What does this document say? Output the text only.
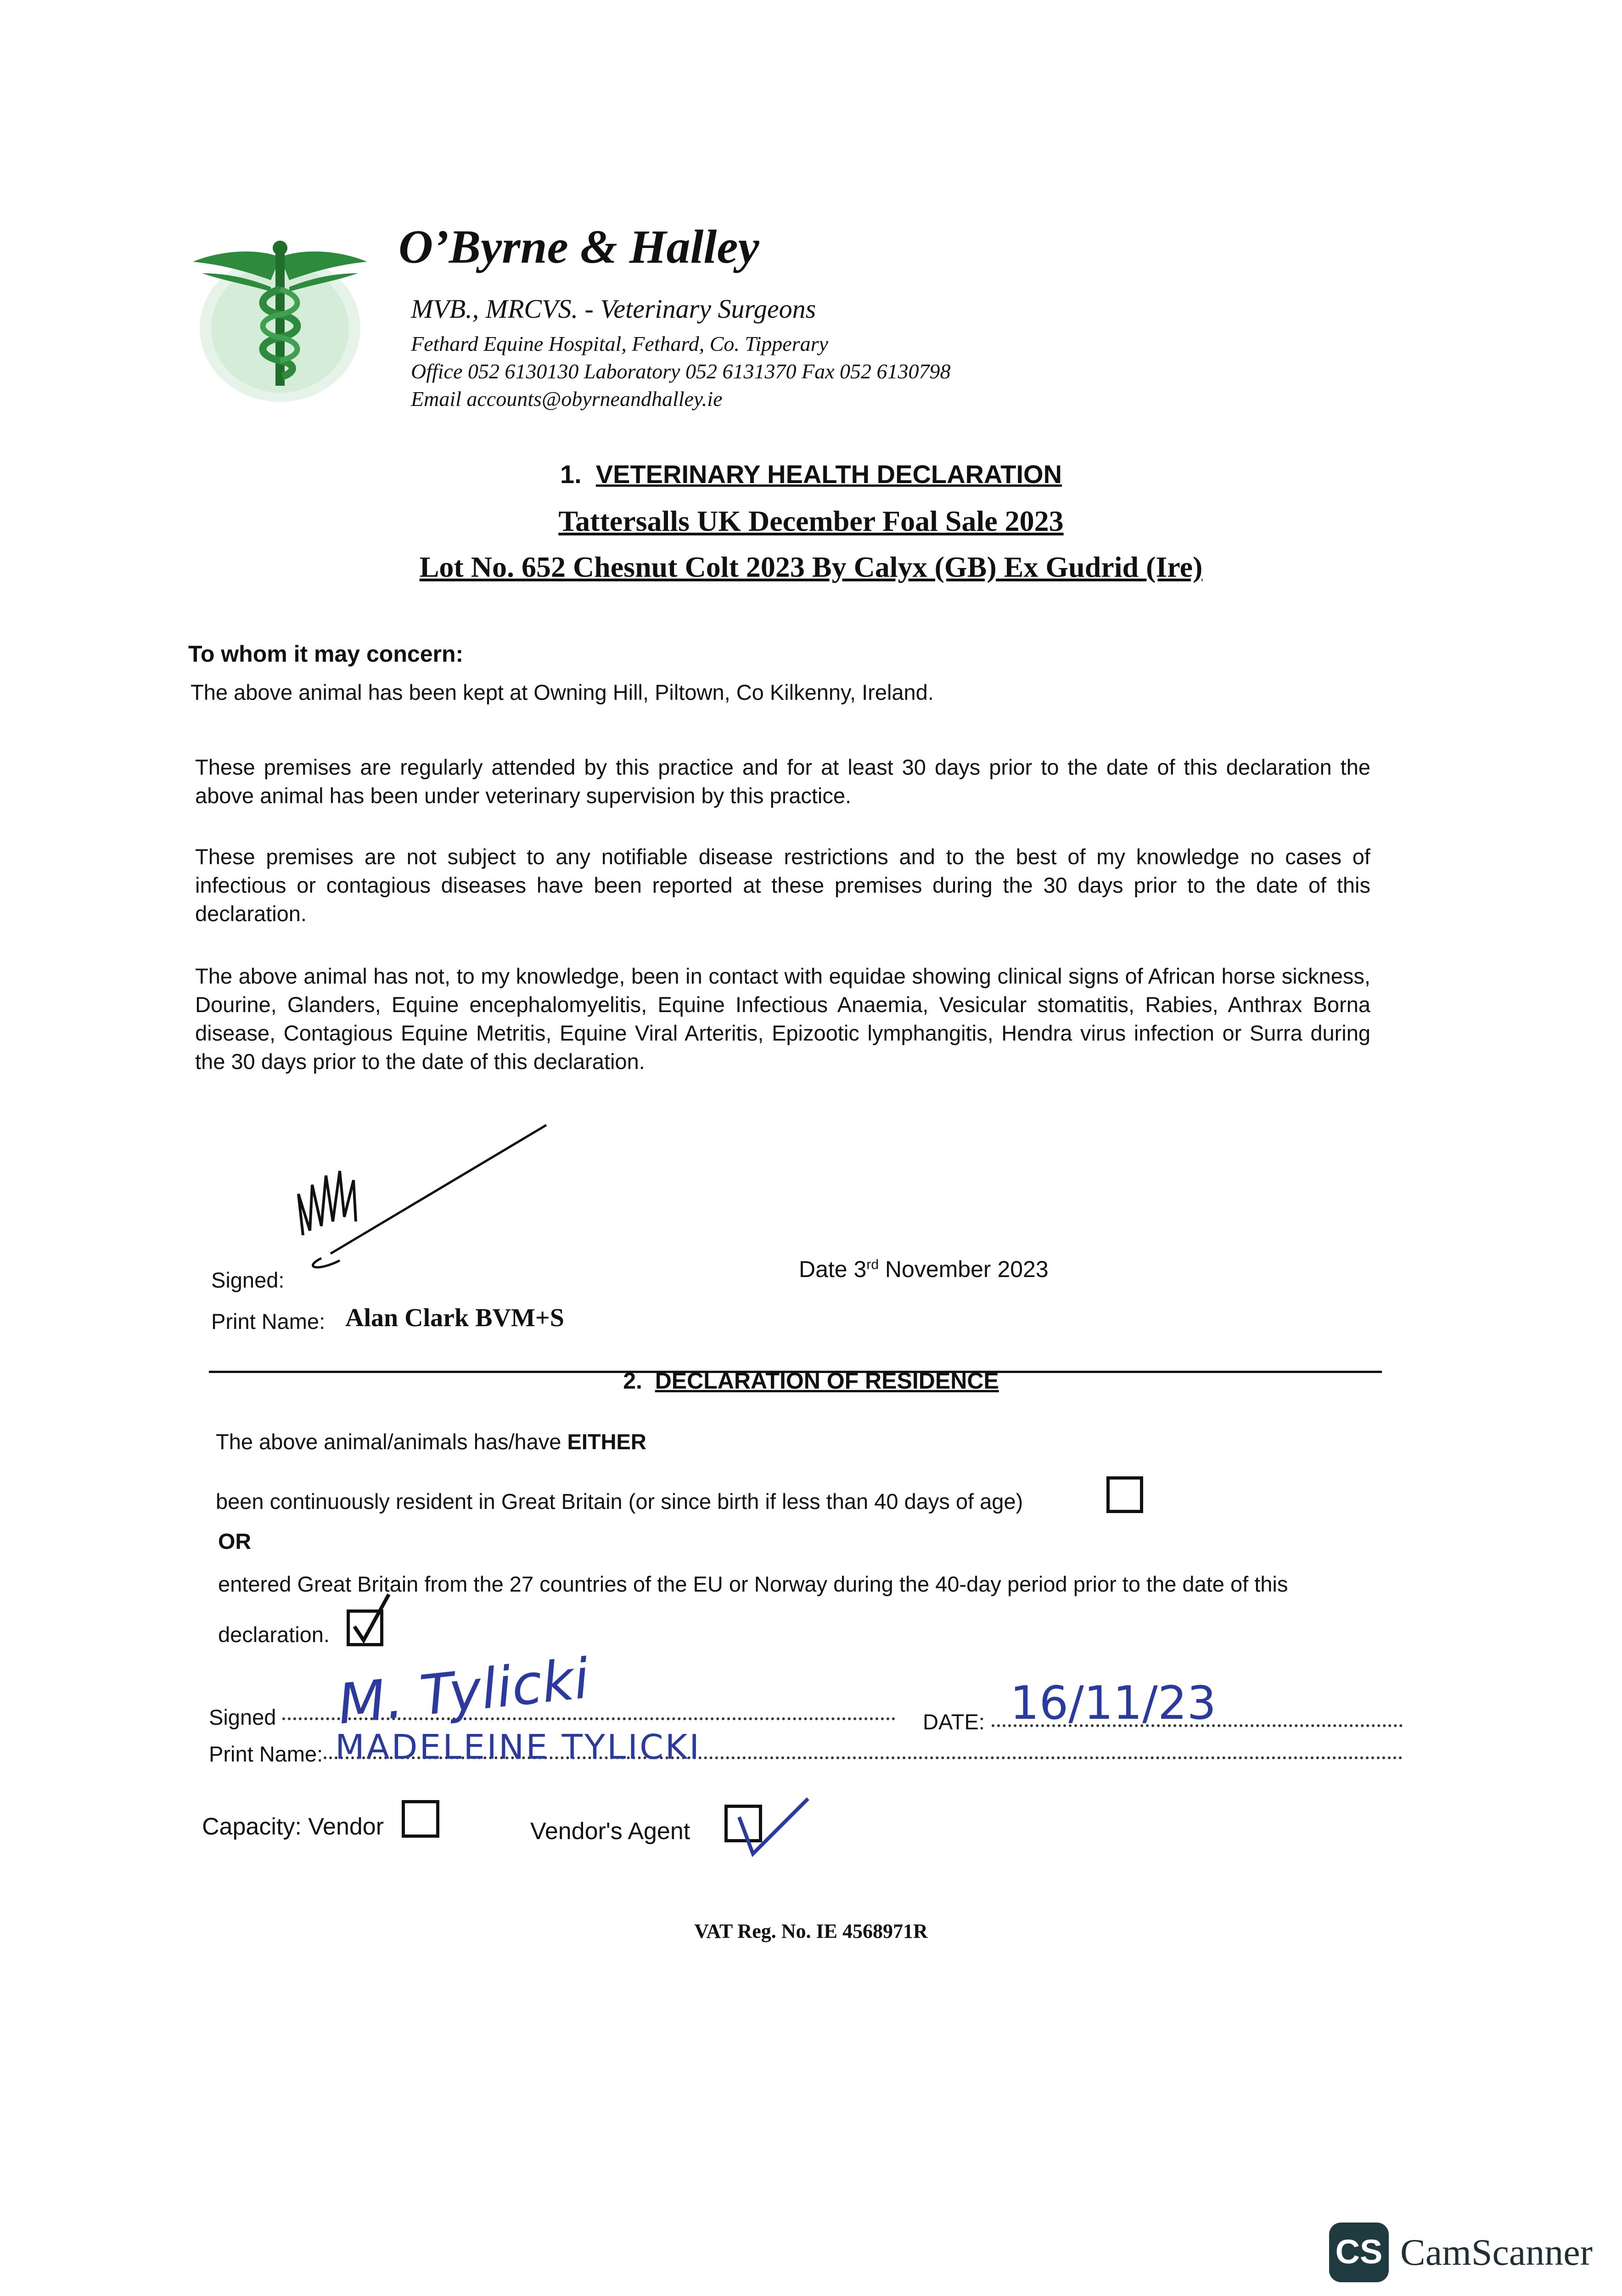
O’Byrne & Halley
MVB., MRCVS. - Veterinary Surgeons
Fethard Equine Hospital, Fethard, Co. Tipperary
Office 052 6130130 Laboratory 052 6131370 Fax 052 6130798
Email accounts@obyrneandhalley.ie
1. VETERINARY HEALTH DECLARATION
Tattersalls UK December Foal Sale 2023
Lot No. 652 Chesnut Colt 2023 By Calyx (GB) Ex Gudrid (Ire)
To whom it may concern:
The above animal has been kept at Owning Hill, Piltown, Co Kilkenny, Ireland.
These premises are regularly attended by this practice and for at least 30 days prior to the date of this declaration the above animal has been under veterinary supervision by this practice.
These premises are not subject to any notifiable disease restrictions and to the best of my knowledge no cases of infectious or contagious diseases have been reported at these premises during the 30 days prior to the date of this declaration.
The above animal has not, to my knowledge, been in contact with equidae showing clinical signs of African horse sickness, Dourine, Glanders, Equine encephalomyelitis, Equine Infectious Anaemia, Vesicular stomatitis, Rabies, Anthrax Borna disease, Contagious Equine Metritis, Equine Viral Arteritis, Epizootic lymphangitis, Hendra virus infection or Surra during the 30 days prior to the date of this declaration.
Signed:	Date 3rd November 2023
Print Name: Alan Clark BVM+S
2. DECLARATION OF RESIDENCE
The above animal/animals has/have EITHER
been continuously resident in Great Britain (or since birth if less than 40 days of age)
OR
entered Great Britain from the 27 countries of the EU or Norway during the 40-day period prior to the date of this
declaration.
Signed M. Tylicki	DATE: 16/11/23
Print Name: MADELEINE TYLICKI
Capacity: Vendor	Vendor's Agent
VAT Reg. No. IE 4568971R
CS CamScanner
